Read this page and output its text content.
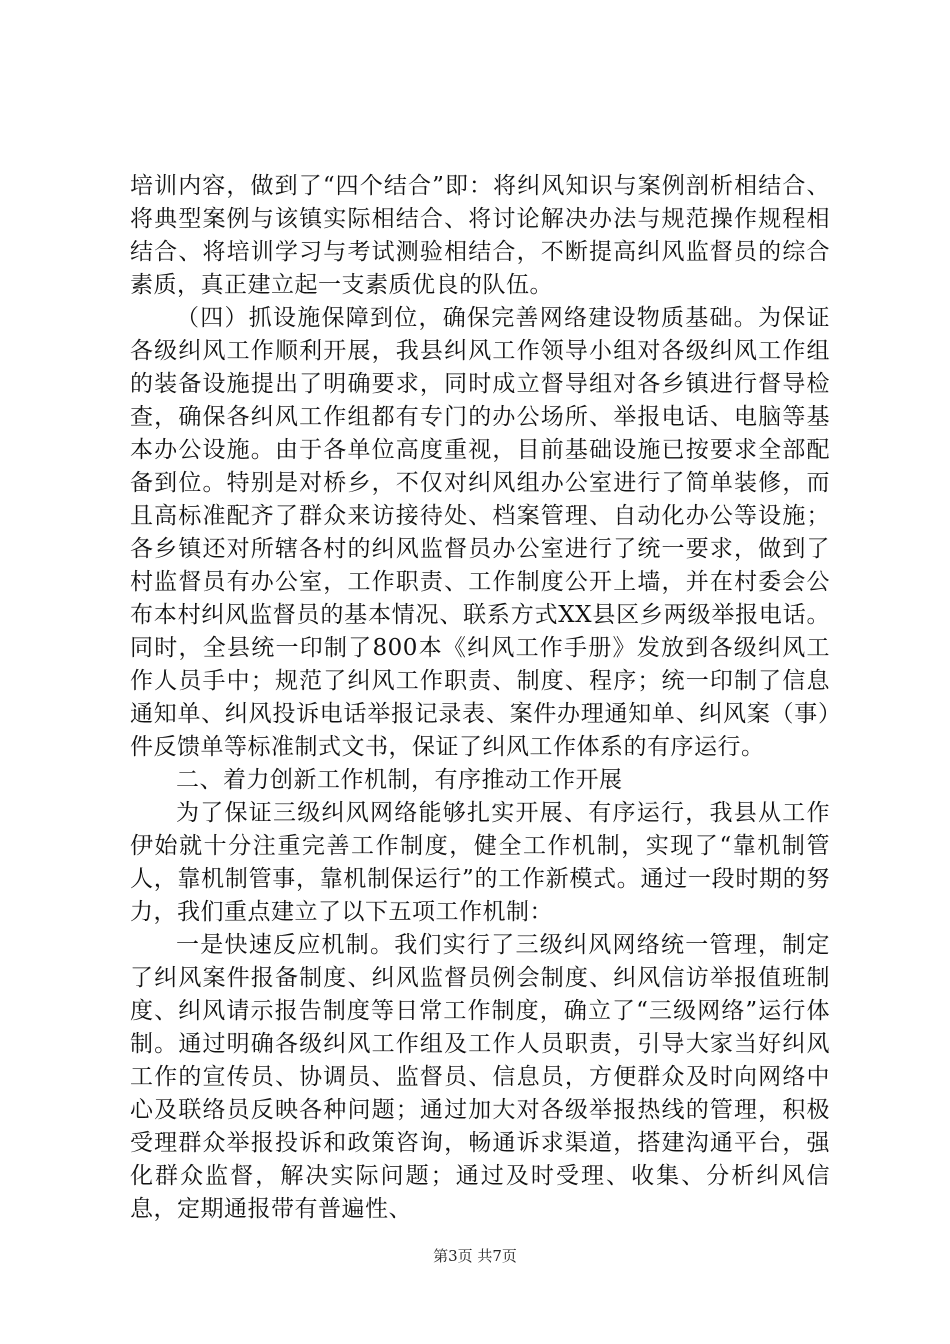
培训内容，做到了“四个结合”即：将纠风知识与案例剖析相结合、将典型案例与该镇实际相结合、将讨论解决办法与规范操作规程相结合、将培训学习与考试测验相结合，不断提高纠风监督员的综合素质，真正建立起一支素质优良的队伍。

（四）抓设施保障到位，确保完善网络建设物质基础。为保证各级纠风工作顺利开展，我县纠风工作领导小组对各级纠风工作组的装备设施提出了明确要求，同时成立督导组对各乡镇进行督导检查，确保各纠风工作组都有专门的办公场所、举报电话、电脑等基本办公设施。由于各单位高度重视，目前基础设施已按要求全部配备到位。特别是对桥乡，不仅对纠风组办公室进行了简单装修，而且高标准配齐了群众来访接待处、档案管理、自动化办公等设施；各乡镇还对所辖各村的纠风监督员办公室进行了统一要求，做到了村监督员有办公室，工作职责、工作制度公开上墙，并在村委会公布本村纠风监督员的基本情况、联系方式XX县区乡两级举报电话。同时，全县统一印制了800本《纠风工作手册》发放到各级纠风工作人员手中；规范了纠风工作职责、制度、程序；统一印制了信息通知单、纠风投诉电话举报记录表、案件办理通知单、纠风案（事）件反馈单等标准制式文书，保证了纠风工作体系的有序运行。

二、着力创新工作机制，有序推动工作开展

为了保证三级纠风网络能够扎实开展、有序运行，我县从工作伊始就十分注重完善工作制度，健全工作机制，实现了“靠机制管人，靠机制管事，靠机制保运行”的工作新模式。通过一段时期的努力，我们重点建立了以下五项工作机制：

一是快速反应机制。我们实行了三级纠风网络统一管理，制定了纠风案件报备制度、纠风监督员例会制度、纠风信访举报值班制度、纠风请示报告制度等日常工作制度，确立了“三级网络”运行体制。通过明确各级纠风工作组及工作人员职责，引导大家当好纠风工作的宣传员、协调员、监督员、信息员，方便群众及时向网络中心及联络员反映各种问题；通过加大对各级举报热线的管理，积极受理群众举报投诉和政策咨询，畅通诉求渠道，搭建沟通平台，强化群众监督，解决实际问题；通过及时受理、收集、分析纠风信息，定期通报带有普遍性、

第3页 共7页
